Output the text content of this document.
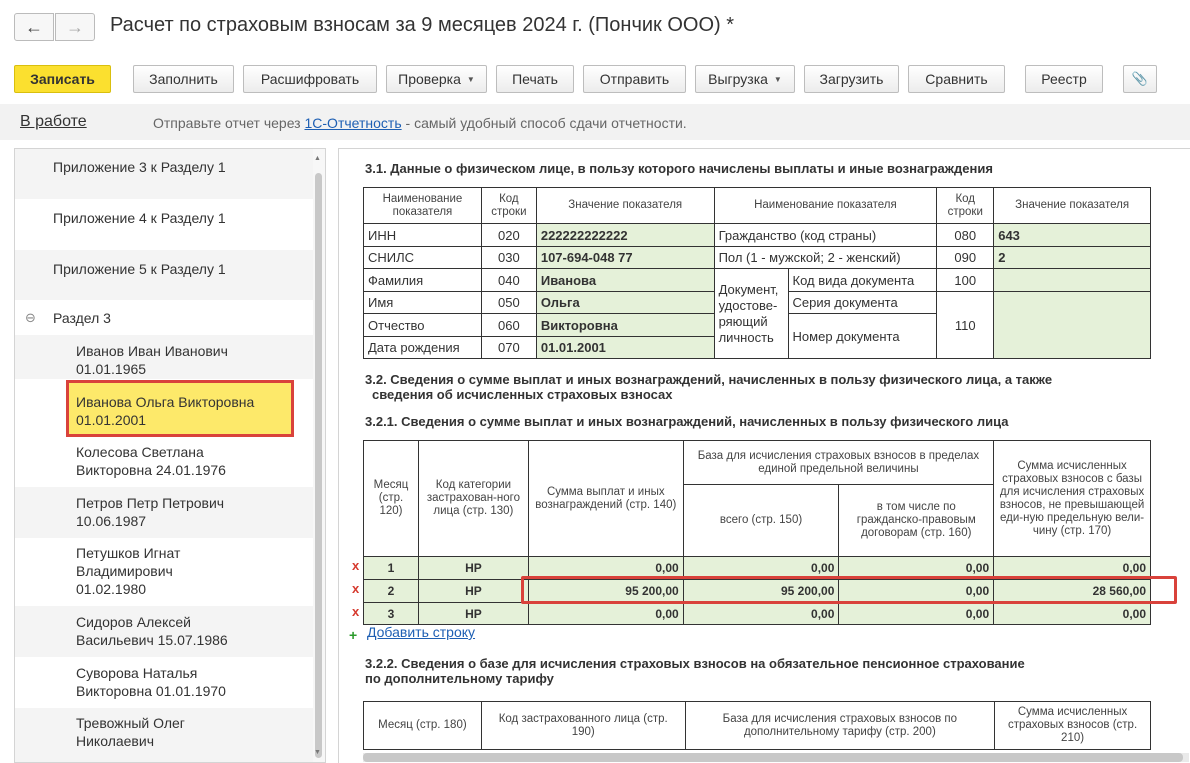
← → Расчет по страховым взносам за 9 месяцев 2024 г. (Пончик ООО) *
Записать	Заполнить	Расшифровать	Проверка ▼	Печать	Отправить	Выгрузка ▼	Загрузить	Сравнить	Реестр	📎
В работе	Отправьте отчет через 1С-Отчетность - самый удобный способ сдачи отчетности.
Приложение 3 к Разделу 1
Приложение 4 к Разделу 1
Приложение 5 к Разделу 1
⊖ Раздел 3
Иванов Иван Иванович
01.01.1965
Иванова Ольга Викторовна
01.01.2001
Колесова Светлана
Викторовна 24.01.1976
Петров Петр Петрович
10.06.1987
Петушков Игнат
Владимирович
01.02.1980
Сидоров Алексей
Васильевич 15.07.1986
Суворова Наталья
Викторовна 01.01.1970
Тревожный Олег
Николаевич
▲
▼
3.1. Данные о физическом лице, в пользу которого начислены выплаты и иные вознаграждения
Наименование показателя	Код строки	Значение показателя	Наименование показателя		Код строки	Значение показателя
ИНН	020	222222222222	Гражданство (код страны)		080	643
СНИЛС	030	107-694-048 77	Пол (1 - мужской; 2 - женский)		090	2
Фамилия	040	Иванова	Документ, удостове-ряющий личность	Код вида документа	100	
Имя	050	Ольга		Серия документа	110	
Отчество	060	Викторовна		Номер документа		
Дата рождения	070	01.01.2001				
3.2. Сведения о сумме выплат и иных вознаграждений, начисленных в пользу физического лица, а также
сведения об исчисленных страховых взносах
3.2.1. Сведения о сумме выплат и иных вознаграждений, начисленных в пользу физического лица
Месяц (стр. 120)	Код категории застрахован-ного лица (стр. 130)	Сумма выплат и иных вознаграждений (стр. 140)	База для исчисления страховых взносов в пределах единой предельной величины		Сумма исчисленных страховых взносов с базы для исчисления страховых взносов, не превышающей еди-ную предельную вели-чину (стр. 170)
			всего (стр. 150)	в том числе по гражданско-правовым договорам (стр. 160)	
1	НР	0,00	0,00	0,00	0,00
2	НР	95 200,00	95 200,00	0,00	28 560,00
3	НР	0,00	0,00	0,00	0,00
x
x
x
+ Добавить строку
3.2.2. Сведения о базе для исчисления страховых взносов на обязательное пенсионное страхование
по дополнительному тарифу
Месяц (стр. 180)	Код застрахованного лица (стр. 190)	База для исчисления страховых взносов по дополнительному тарифу (стр. 200)	Сумма исчисленных страховых взносов (стр. 210)
